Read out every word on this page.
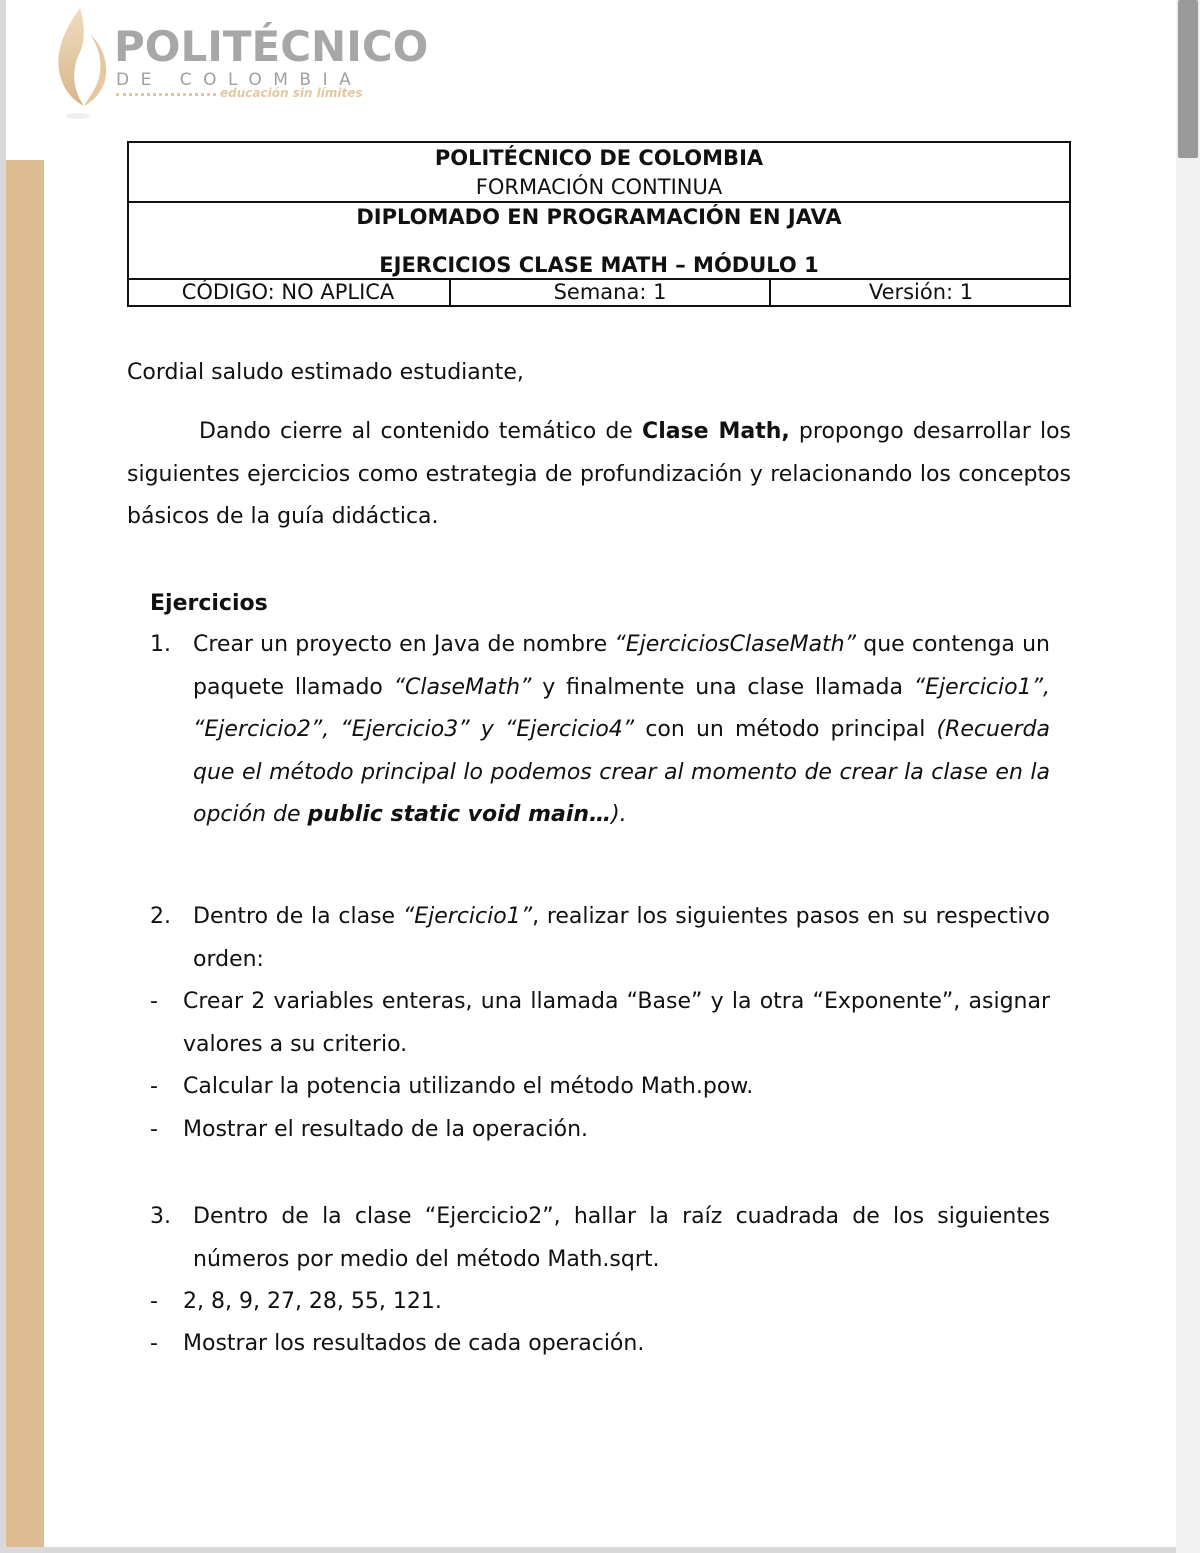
POLITÉCNICO
DE COLOMBIA
educación sin límites
POLITÉCNICO DE COLOMBIA
FORMACIÓN CONTINUA
DIPLOMADO EN PROGRAMACIÓN EN JAVA
EJERCICIOS CLASE MATH – MÓDULO 1
CÓDIGO: NO APLICA	Semana: 1	Versión: 1
Cordial saludo estimado estudiante,
Dando cierre al contenido temático de Clase Math, propongo desarrollar los siguientes ejercicios como estrategia de profundización y relacionando los conceptos básicos de la guía didáctica.
Ejercicios
1. Crear un proyecto en Java de nombre “EjerciciosClaseMath” que contenga un paquete llamado “ClaseMath” y finalmente una clase llamada “Ejercicio1”, “Ejercicio2”, “Ejercicio3” y “Ejercicio4” con un método principal (Recuerda que el método principal lo podemos crear al momento de crear la clase en la opción de public static void main…).
2. Dentro de la clase “Ejercicio1”, realizar los siguientes pasos en su respectivo orden:
- Crear 2 variables enteras, una llamada “Base” y la otra “Exponente”, asignar valores a su criterio.
- Calcular la potencia utilizando el método Math.pow.
- Mostrar el resultado de la operación.
3. Dentro de la clase “Ejercicio2”, hallar la raíz cuadrada de los siguientes números por medio del método Math.sqrt.
- 2, 8, 9, 27, 28, 55, 121.
- Mostrar los resultados de cada operación.
